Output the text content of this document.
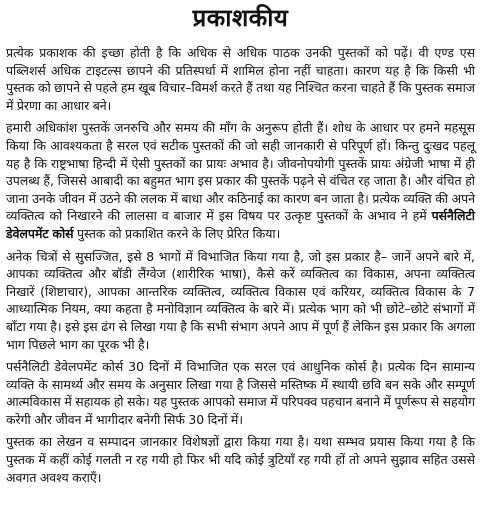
प्रकाशकीय

प्रत्येक प्रकाशक की इच्छा होती है कि अधिक से अधिक पाठक उनकी पुस्तकों को पढ़ें। वी एण्ड एस पब्लिशर्स अधिक टाइटल्स छापने की प्रतिस्पर्धा में शामिल होना नहीं चाहता। कारण यह है कि किसी भी पुस्तक को छापने से पहले हम खूब विचार–विमर्श करते हैं तथा यह निश्चित करना चाहते हैं कि पुस्तक समाज में प्रेरणा का आधार बने।

हमारी अधिकांश पुस्तकें जनरुचि और समय की माँग के अनुरूप होती हैं। शोध के आधार पर हमने महसूस किया कि आवश्यकता है सरल एवं सटीक पुस्तकों की जो सही जानकारी से परिपूर्ण हों। किन्तु दुःखद पहलू यह है कि राष्ट्रभाषा हिन्दी में ऐसी पुस्तकों का प्रायः अभाव है। जीवनोपयोगी पुस्तकें प्रायः अंग्रेजी भाषा में ही उपलब्ध हैं, जिससे आबादी का बहुमत भाग इस प्रकार की पुस्तकें पढ़ने से वंचित रह जाता है। और वंचित हो जाना उनके जीवन में उठने की ललक में बाधा और कठिनाई का कारण बन जाता है। प्रत्येक व्यक्ति की अपने व्यक्तित्व को निखारने की लालसा व बाजार में इस विषय पर उत्कृष्ट पुस्तकों के अभाव ने हमें पर्सनैलिटी डेवेलपमेंट कोर्स पुस्तक को प्रकाशित करने के लिए प्रेरित किया।

अनेक चित्रों से सुसज्जित, इसे 8 भागों में विभाजित किया गया है, जो इस प्रकार है– जानें अपने बारे में, आपका व्यक्तित्व और बॉडी लैंग्वेज (शारीरिक भाषा), कैसे करें व्यक्तित्व का विकास, अपना व्यक्तित्व निखारें (शिष्टाचार), आपका आन्तरिक व्यक्तित्व, व्यक्तित्व विकास एवं करियर, व्यक्तित्व विकास के 7 आध्यात्मिक नियम, क्या कहता है मनोविज्ञान व्यक्तित्व के बारे में। प्रत्येक भाग को भी छोटे–छोटे संभागों में बाँटा गया है। इसे इस ढंग से लिखा गया है कि सभी संभाग अपने आप में पूर्ण हैं लेकिन इस प्रकार कि अगला भाग पिछले भाग का पूरक भी है।

पर्सनैलिटी डेवेलपमेंट कोर्स 30 दिनों में विभाजित एक सरल एवं आधुनिक कोर्स है। प्रत्येक दिन सामान्य व्यक्ति के सामर्थ्य और समय के अनुसार लिखा गया है जिससे मस्तिष्क में स्थायी छवि बन सके और सम्पूर्ण आत्मविकास में सहायक हो सके। यह पुस्तक आपको समाज में परिपक्व पहचान बनाने में पूर्णरूप से सहयोग करेगी और जीवन में भागीदार बनेगी सिर्फ 30 दिनों में।

पुस्तक का लेखन व सम्पादन जानकार विशेषज्ञों द्वारा किया गया है। यथा सम्भव प्रयास किया गया है कि पुस्तक में कहीं कोई गलती न रह गयी हो फिर भी यदि कोई त्रुटियाँ रह गयी हों तो अपने सुझाव सहित उससे अवगत अवश्य कराएँ।
